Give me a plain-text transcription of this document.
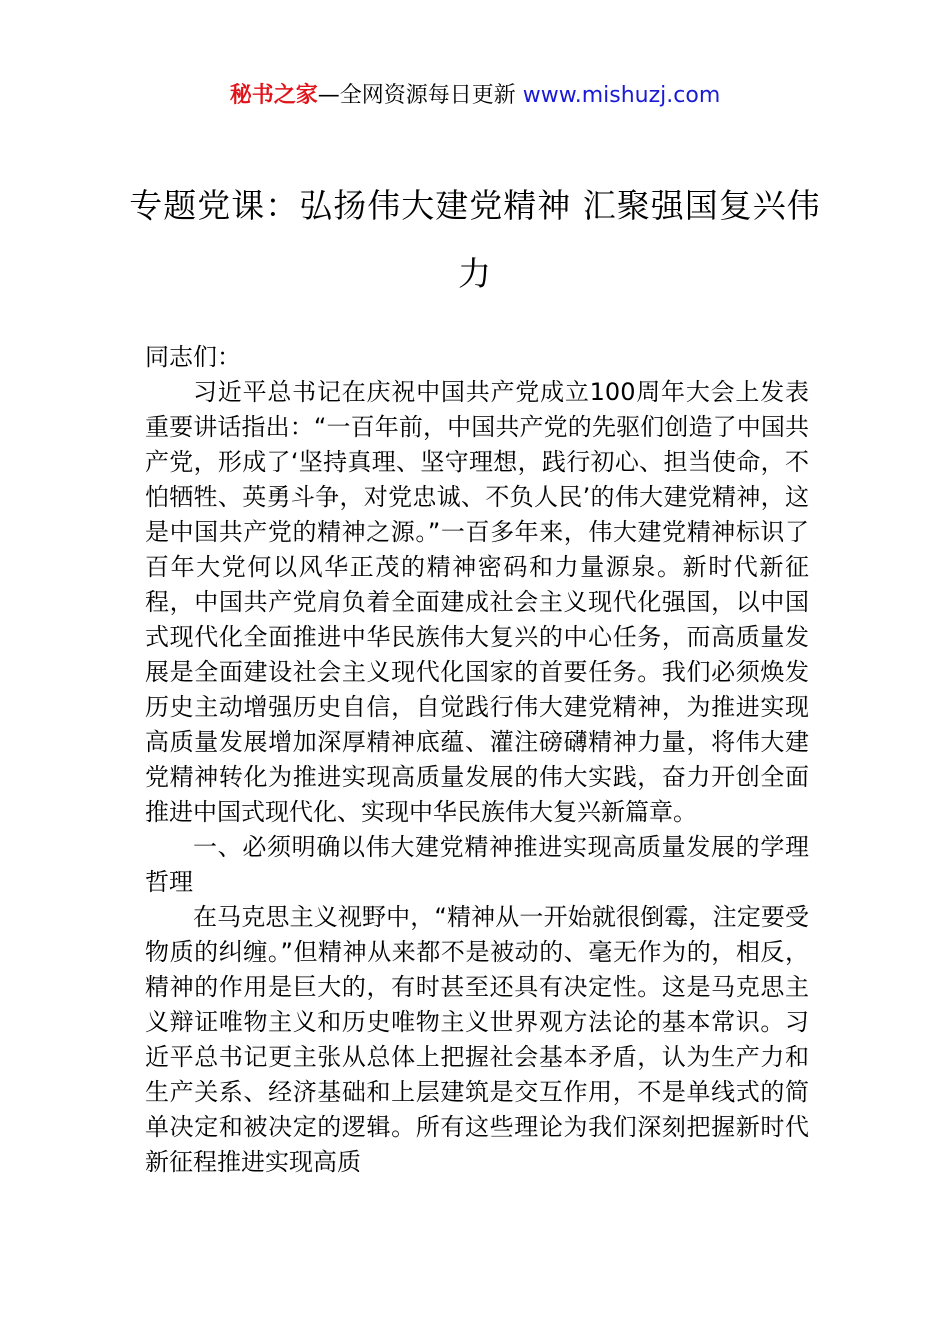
秘书之家—全网资源每日更新 www.mishuzj.com
专题党课：弘扬伟大建党精神 汇聚强国复兴伟力

同志们：

习近平总书记在庆祝中国共产党成立100周年大会上发表重要讲话指出：“一百年前，中国共产党的先驱们创造了中国共产党，形成了‘坚持真理、坚守理想，践行初心、担当使命，不怕牺牲、英勇斗争，对党忠诚、不负人民’的伟大建党精神，这是中国共产党的精神之源。”一百多年来，伟大建党精神标识了百年大党何以风华正茂的精神密码和力量源泉。新时代新征程，中国共产党肩负着全面建成社会主义现代化强国，以中国式现代化全面推进中华民族伟大复兴的中心任务，而高质量发展是全面建设社会主义现代化国家的首要任务。我们必须焕发历史主动增强历史自信，自觉践行伟大建党精神，为推进实现高质量发展增加深厚精神底蕴、灌注磅礴精神力量，将伟大建党精神转化为推进实现高质量发展的伟大实践，奋力开创全面推进中国式现代化、实现中华民族伟大复兴新篇章。

一、必须明确以伟大建党精神推进实现高质量发展的学理哲理

在马克思主义视野中，“精神从一开始就很倒霉，注定要受物质的纠缠。”但精神从来都不是被动的、毫无作为的，相反，精神的作用是巨大的，有时甚至还具有决定性。这是马克思主义辩证唯物主义和历史唯物主义世界观方法论的基本常识。习近平总书记更主张从总体上把握社会基本矛盾，认为生产力和生产关系、经济基础和上层建筑是交互作用，不是单线式的简单决定和被决定的逻辑。所有这些理论为我们深刻把握新时代新征程推进实现高质
